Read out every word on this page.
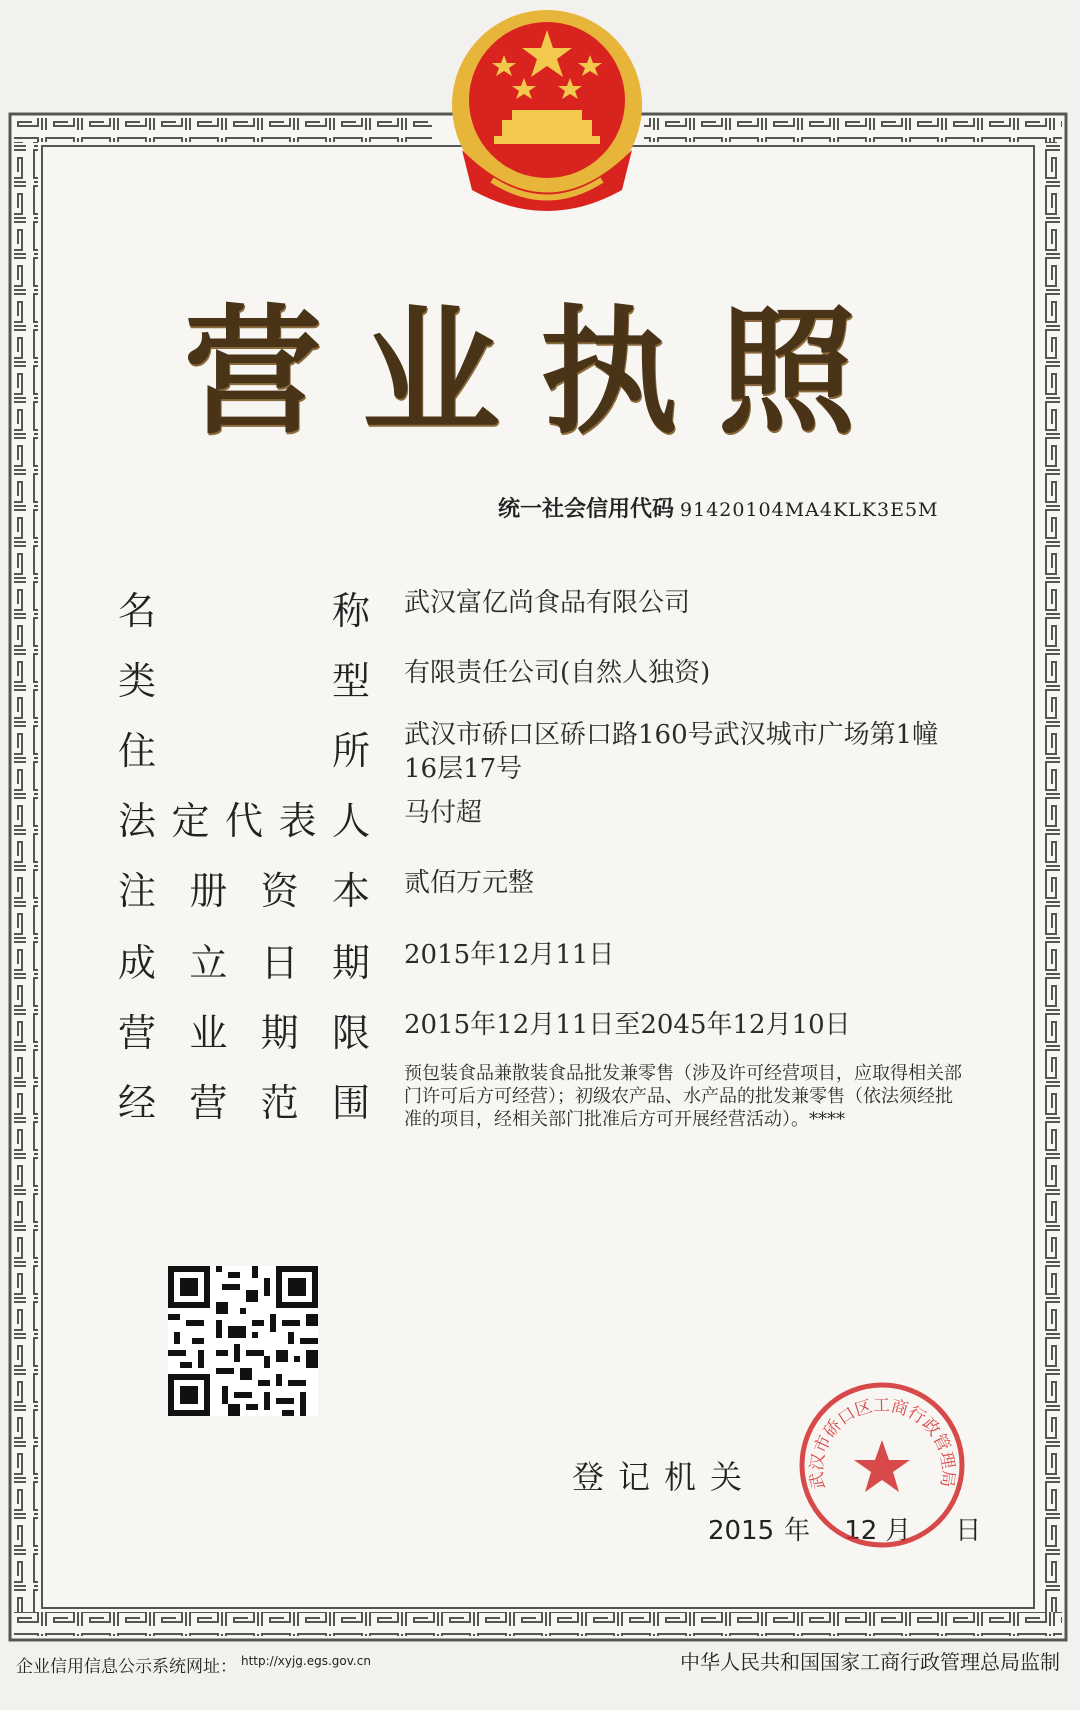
营业执照
统一社会信用代码 91420104MA4KLK3E5M
名	称 武汉富亿尚食品有限公司
类	型 有限责任公司(自然人独资)
住	所 武汉市硚口区硚口路160号武汉城市广场第1幢16层17号
法 定 代 表 人 马付超
注 册 资 本 贰佰万元整
成 立 日 期 2015年12月11日
营 业 期 限 2015年12月11日至2045年12月10日
经 营 范 围
预包装食品兼散装食品批发兼零售（涉及许可经营项目，应取得相关部门许可后方可经营）；初级农产品、水产品的批发兼零售（依法须经批准的项目，经相关部门批准后方可开展经营活动）。****
登记机关
2015 年 12 月	日
武汉市硚口区工商行政管理局
企业信用信息公示系统网址： $^{http://xyjg.egs.gov.cn}$	中华人民共和国国家工商行政管理总局监制
